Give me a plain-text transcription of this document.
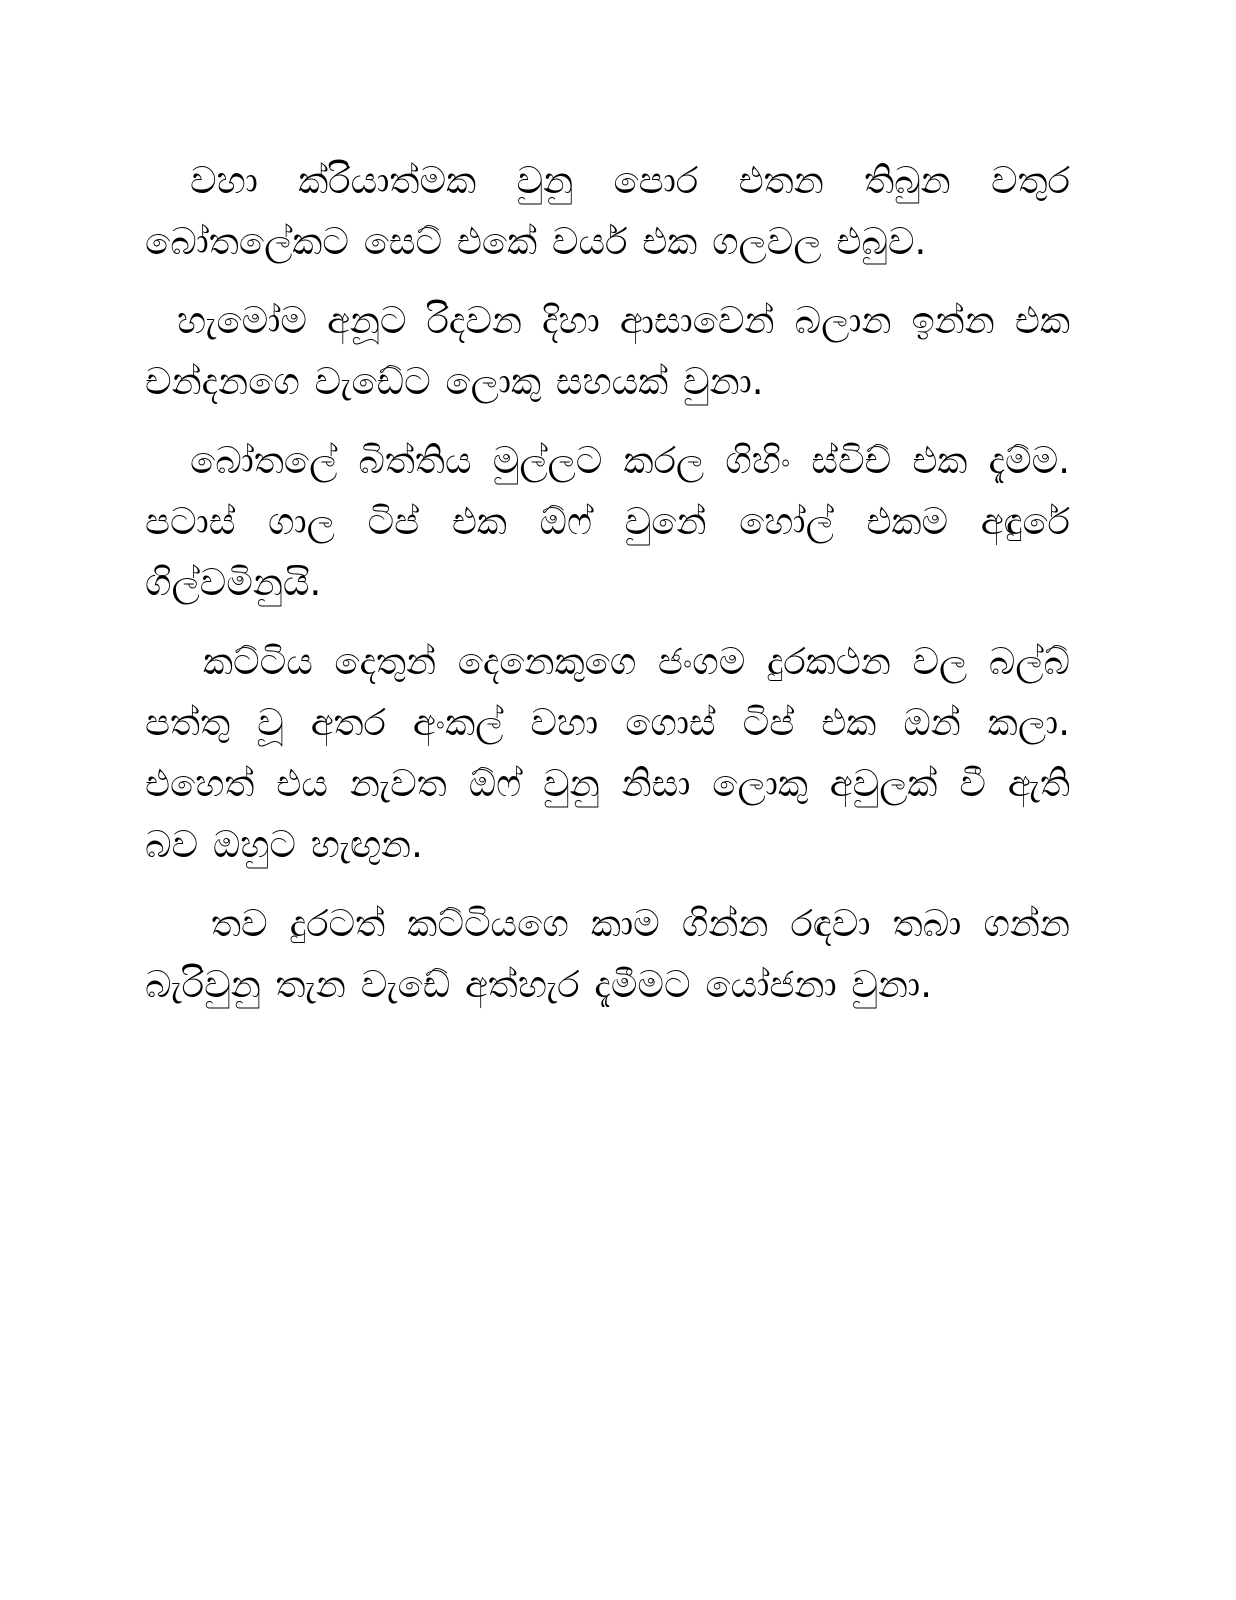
වහා ක්රියාත්මක වුනු පොර එතන තිබුන වතුර බෝතලේකට සෙට් එකේ වයර් එක ගලවල එබුව.

හැමෝම අනූට රිදවන දිහා ආසාවෙන් බලාන ඉන්න එක චන්දනගෙ වැඩේට ලොකු සහයක් වුනා.

බෝතලේ බිත්තිය මුල්ලට කරල ගිහිං ස්විච් එක දැම්ම. පටාස් ගාල ටිප් එක ඕෆ් වුනේ හෝල් එකම අඳුරේ ගිල්වමිනුයි.

කට්ටිය දෙතුන් දෙනෙකුගෙ ජංගම දුරකථන වල බල්බ් පත්තු වූ අතර අංකල් වහා ගොස් ටිප් එක ඔන් කලා. එහෙත් එය නැවත ඕෆ් වුනු නිසා ලොකු අවුලක් වී ඇති බව ඔහුට හැඟුන.

තව දුරටත් කට්ටියගෙ කාම ගින්න රඳවා තබා ගන්න බැරිවුනු තැන වැඩේ අත්හැර දැමීමට යෝජනා වුනා.
